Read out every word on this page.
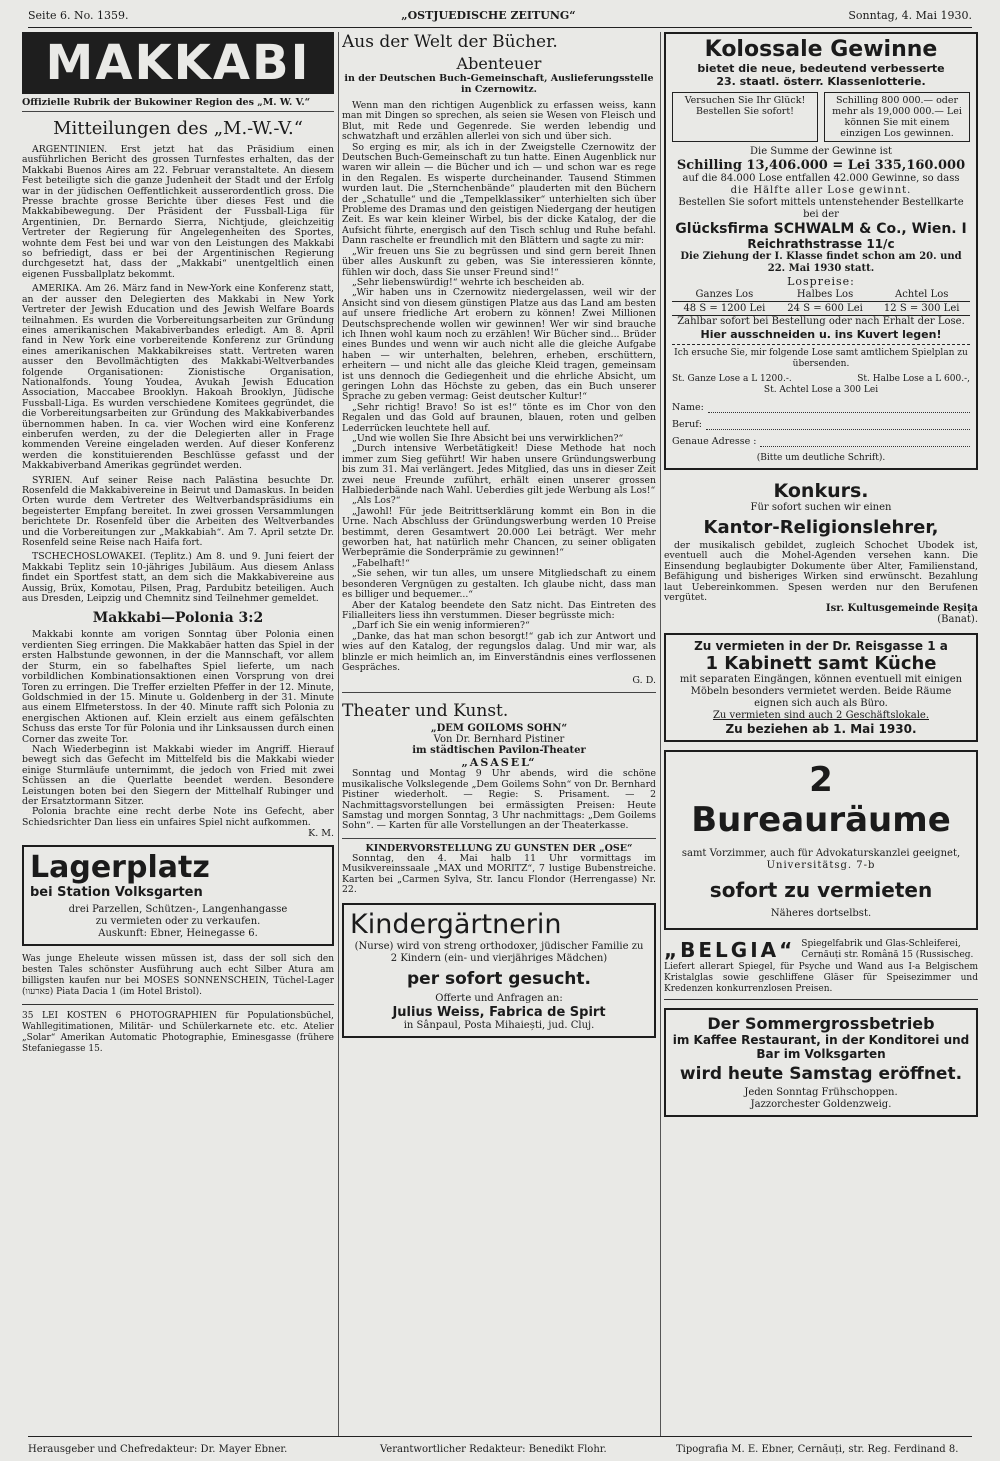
Seite 6. No. 1359.	„OSTJUEDISCHE ZEITUNG“	Sonntag, 4. Mai 1930.
MAKKABI
Offizielle Rubrik der Bukowiner Region des „M. W. V.“
Mitteilungen des „M.-W.-V.“

ARGENTINIEN. Erst jetzt hat das Präsidium einen ausführlichen Bericht des grossen Turnfestes erhalten, das der Makkabi Buenos Aires am 22. Februar veranstaltete. An diesem Fest beteiligte sich die ganze Judenheit der Stadt und der Erfolg war in der jüdischen Oeffentlichkeit ausserordentlich gross. Die Presse brachte grosse Berichte über dieses Fest und die Makkabibewegung. Der Präsident der Fussball-Liga für Argentinien, Dr. Bernardo Sierra, Nichtjude, gleichzeitig Vertreter der Regierung für Angelegenheiten des Sportes, wohnte dem Fest bei und war von den Leistungen des Makkabi so befriedigt, dass er bei der Argentinischen Regierung durchgesetzt hat, dass der „Makkabi“ unentgeltlich einen eigenen Fussballplatz bekommt.

AMERIKA. Am 26. März fand in New-York eine Konferenz statt, an der ausser den Delegierten des Makkabi in New York Vertreter der Jewish Education und des Jewish Welfare Boards teilnahmen. Es wurden die Vorbereitungsarbeiten zur Gründung eines amerikanischen Makabiverbandes erledigt. Am 8. April fand in New York eine vorbereitende Konferenz zur Gründung eines amerikanischen Makkabikreises statt. Vertreten waren ausser den Bevollmächtigten des Makkabi-Weltverbandes folgende Organisationen: Zionistische Organisation, Nationalfonds. Young Youdea, Avukah Jewish Education Association, Maccabee Brooklyn. Hakoah Brooklyn, Jüdische Fussball-Liga. Es wurden verschiedene Komitees gegründet, die die Vorbereitungsarbeiten zur Gründung des Makkabiverbandes übernommen haben. In ca. vier Wochen wird eine Konferenz einberufen werden, zu der die Delegierten aller in Frage kommenden Vereine eingeladen werden. Auf dieser Konferenz werden die konstituierenden Beschlüsse gefasst und der Makkabiverband Amerikas gegründet werden.

SYRIEN. Auf seiner Reise nach Palästina besuchte Dr. Rosenfeld die Makkabivereine in Beirut und Damaskus. In beiden Orten wurde dem Vertreter des Weltverbandspräsidiums ein begeisterter Empfang bereitet. In zwei grossen Versammlungen berichtete Dr. Rosenfeld über die Arbeiten des Weltverbandes und die Vorbereitungen zur „Makkabiah“. Am 7. April setzte Dr. Rosenfeld seine Reise nach Haifa fort.

TSCHECHOSLOWAKEI. (Teplitz.) Am 8. und 9. Juni feiert der Makkabi Teplitz sein 10-jähriges Jubiläum. Aus diesem Anlass findet ein Sportfest statt, an dem sich die Makkabivereine aus Aussig, Brüx, Komotau, Pilsen, Prag, Pardubitz beteiligen. Auch aus Dresden, Leipzig und Chemnitz sind Teilnehmer gemeldet.

Makkabi—Polonia 3:2

Makkabi konnte am vorigen Sonntag über Polonia einen verdienten Sieg erringen. Die Makkabäer hatten das Spiel in der ersten Halbstunde gewonnen, in der die Mannschaft, vor allem der Sturm, ein so fabelhaftes Spiel lieferte, um nach vorbildlichen Kombinationsaktionen einen Vorsprung von drei Toren zu erringen. Die Treffer erzielten Pfeffer in der 12. Minute, Goldschmied in der 15. Minute u. Goldenberg in der 31. Minute aus einem Elfmeterstoss. In der 40. Minute rafft sich Polonia zu energischen Aktionen auf. Klein erzielt aus einem gefälschten Schuss das erste Tor für Polonia und ihr Linksaussen durch einen Corner das zweite Tor.

Nach Wiederbeginn ist Makkabi wieder im Angriff. Hierauf bewegt sich das Gefecht im Mittelfeld bis die Makkabi wieder einige Sturmläufe unternimmt, die jedoch von Fried mit zwei Schüssen an die Querlatte beendet werden. Besondere Leistungen boten bei den Siegern der Mittelhalf Rubinger und der Ersatztormann Sitzer.

Polonia brachte eine recht derbe Note ins Gefecht, aber Schiedsrichter Dan liess ein unfaires Spiel nicht aufkommen.

K. M.
Lagerplatz
bei Station Volksgarten
drei Parzellen, Schützen-, Langenhangasse
zu vermieten oder zu verkaufen.
Auskunft: Ebner, Heinegasse 6.

Was junge Eheleute wissen müssen ist, dass der soll sich den besten Tales schönster Ausführung auch echt Silber Atura am billigsten kaufen nur bei MOSES SONNENSCHEIN, Tüchel-Lager (פארעוו) Piata Dacia 1 (im Hotel Bristol).

35 LEI KOSTEN 6 PHOTOGRAPHIEN für Populationsbüchel, Wahllegitimationen, Militär- und Schülerkarnete etc. etc. Atelier „Solar“ Amerikan Automatic Photographie, Eminesgasse (frühere Stefaniegasse 15.

Aus der Welt der Bücher.
Abenteuer
in der Deutschen Buch-Gemeinschaft, Auslieferungsstelle in Czernowitz.

Wenn man den richtigen Augenblick zu erfassen weiss, kann man mit Dingen so sprechen, als seien sie Wesen von Fleisch und Blut, mit Rede und Gegenrede. Sie werden lebendig und schwatzhaft und erzählen allerlei von sich und über sich.

So erging es mir, als ich in der Zweigstelle Czernowitz der Deutschen Buch-Gemeinschaft zu tun hatte. Einen Augenblick nur waren wir allein — die Bücher und ich — und schon war es rege in den Regalen. Es wisperte durcheinander. Tausend Stimmen wurden laut. Die „Sternchenbände“ plauderten mit den Büchern der „Schatulle“ und die „Tempelklassiker“ unterhielten sich über Probleme des Dramas und den geistigen Niedergang der heutigen Zeit. Es war kein kleiner Wirbel, bis der dicke Katalog, der die Aufsicht führte, energisch auf den Tisch schlug und Ruhe befahl. Dann raschelte er freundlich mit den Blättern und sagte zu mir:

„Wir freuen uns Sie zu begrüssen und sind gern bereit Ihnen über alles Auskunft zu geben, was Sie interessieren könnte, fühlen wir doch, dass Sie unser Freund sind!“

„Sehr liebenswürdig!“ wehrte ich bescheiden ab.

„Wir haben uns in Czernowitz niedergelassen, weil wir der Ansicht sind von diesem günstigen Platze aus das Land am besten auf unsere friedliche Art erobern zu können! Zwei Millionen Deutschsprechende wollen wir gewinnen! Wer wir sind brauche ich Ihnen wohl kaum noch zu erzählen! Wir Bücher sind... Brüder eines Bundes und wenn wir auch nicht alle die gleiche Aufgabe haben — wir unterhalten, belehren, erheben, erschüttern, erheitern — und nicht alle das gleiche Kleid tragen, gemeinsam ist uns dennoch die Gediegenheit und die ehrliche Absicht, um geringen Lohn das Höchste zu geben, das ein Buch unserer Sprache zu geben vermag: Geist deutscher Kultur!“

„Sehr richtig! Bravo! So ist es!“ tönte es im Chor von den Regalen und das Gold auf braunen, blauen, roten und gelben Lederrücken leuchtete hell auf.

„Und wie wollen Sie Ihre Absicht bei uns verwirklichen?“

„Durch intensive Werbetätigkeit! Diese Methode hat noch immer zum Sieg geführt! Wir haben unsere Gründungswerbung bis zum 31. Mai verlängert. Jedes Mitglied, das uns in dieser Zeit zwei neue Freunde zuführt, erhält einen unserer grossen Halbiederbände nach Wahl. Ueberdies gilt jede Werbung als Los!“

„Als Los?“

„Jawohl! Für jede Beitrittserklärung kommt ein Bon in die Urne. Nach Abschluss der Gründungswerbung werden 10 Preise bestimmt, deren Gesamtwert 20.000 Lei beträgt. Wer mehr geworben hat, hat natürlich mehr Chancen, zu seiner obligaten Werbeprämie die Sonderprämie zu gewinnen!“

„Fabelhaft!“

„Sie sehen, wir tun alles, um unsere Mitgliedschaft zu einem besonderen Vergnügen zu gestalten. Ich glaube nicht, dass man es billiger und bequemer...“

Aber der Katalog beendete den Satz nicht. Das Eintreten des Filialleiters liess ihn verstummen. Dieser begrüsste mich:

„Darf ich Sie ein wenig informieren?“

„Danke, das hat man schon besorgt!“ gab ich zur Antwort und wies auf den Katalog, der regungslos dalag. Und mir war, als blinzle er mich heimlich an, im Einverständnis eines verflossenen Gespräches.

G. D.
Theater und Kunst.
„DEM GOILOMS SOHN“
Von Dr. Bernhard Pistiner
im städtischen Pavilon-Theater
„ASASEL“

Sonntag und Montag 9 Uhr abends, wird die schöne musikalische Volkslegende „Dem Goilems Sohn“ von Dr. Bernhard Pistiner wiederholt. — Regie: S. Prisament. — 2 Nachmittagsvorstellungen bei ermässigten Preisen: Heute Samstag und morgen Sonntag, 3 Uhr nachmittags: „Dem Goilems Sohn“. — Karten für alle Vorstellungen an der Theaterkasse.

KINDERVORSTELLUNG ZU GUNSTEN DER „OSE“

Sonntag, den 4. Mai halb 11 Uhr vormittags im Musikvereinssaale „MAX und MORITZ“, 7 lustige Bubenstreiche. Karten bei „Carmen Sylva, Str. Iancu Flondor (Herrengasse) Nr. 22.

Kindergärtnerin
(Nurse) wird von streng orthodoxer, jüdischer Familie zu 2 Kindern (ein- und vierjähriges Mädchen)
per sofort gesucht.
Offerte und Anfragen an:
Julius Weiss, Fabrica de Spirt
in Sânpaul, Posta Mihaiești, jud. Cluj.
Kolossale Gewinne
bietet die neue, bedeutend verbesserte
23. staatl. österr. Klassenlotterie.
Versuchen Sie Ihr Glück! Bestellen Sie sofort!
Schilling 800 000.— oder mehr als 19,000 000.— Lei können Sie mit einem einzigen Los gewinnen.
Die Summe der Gewinne ist
Schilling 13,406.000 = Lei 335,160.000
auf die 84.000 Lose entfallen 42.000 Gewinne, so dass
die Hälfte aller Lose gewinnt.
Bestellen Sie sofort mittels untenstehender Bestellkarte bei der
Glücksfirma SCHWALM & Co., Wien. I
Reichrathstrasse 11/c
Die Ziehung der I. Klasse findet schon am 20. und 22. Mai 1930 statt.
Lospreise:
Ganzes Los	Halbes Los	Achtel Los
48 S = 1200 Lei	24 S = 600 Lei	12 S = 300 Lei
Zahlbar sofort bei Bestellung oder nach Erhalt der Lose.
Hier ausschneiden u. ins Kuvert legen!
Ich ersuche Sie, mir folgende Lose samt amtlichem Spielplan zu übersenden.
St. Ganze Lose a L 1200.-.	St. Halbe Lose a L 600.-,
St. Achtel Lose a 300 Lei
Name:
Beruf:
Genaue Adresse :
(Bitte um deutliche Schrift).
Konkurs.
Für sofort suchen wir einen
Kantor-Religionslehrer,

der musikalisch gebildet, zugleich Schochet Ubodek ist, eventuell auch die Mohel-Agenden versehen kann. Die Einsendung beglaubigter Dokumente über Alter, Familienstand, Befähigung und bisheriges Wirken sind erwünscht. Bezahlung laut Uebereinkommen. Spesen werden nur den Berufenen vergütet.

Isr. Kultusgemeinde Reșița
(Banat).
Zu vermieten in der Dr. Reisgasse 1 a
1 Kabinett samt Küche
mit separaten Eingängen, können eventuell mit einigen Möbeln besonders vermietet werden. Beide Räume eignen sich auch als Büro.
Zu vermieten sind auch 2 Geschäftslokale.
Zu beziehen ab 1. Mai 1930.
2 Bureauräume
samt Vorzimmer, auch für Advokaturskanzlei geeignet,
Universitätsg. 7-b
sofort zu vermieten
Näheres dortselbst.
„BELGIA“ Spiegelfabrik und Glas-Schleiferei, Cernăuți str. Română 15 (Russischeg.

Liefert allerart Spiegel, für Psyche und Wand aus I-a Belgischem Kristalglas sowie geschliffene Gläser für Speisezimmer und Kredenzen konkurrenzlosen Preisen.

Der Sommergrossbetrieb
im Kaffee Restaurant, in der Konditorei und Bar im Volksgarten
wird heute Samstag eröffnet.
Jeden Sonntag Frühschoppen.
Jazzorchester Goldenzweig.
Herausgeber und Chefredakteur: Dr. Mayer Ebner.	Verantwortlicher Redakteur: Benedikt Flohr.	Tipografia M. E. Ebner, Cernăuți, str. Reg. Ferdinand 8.
